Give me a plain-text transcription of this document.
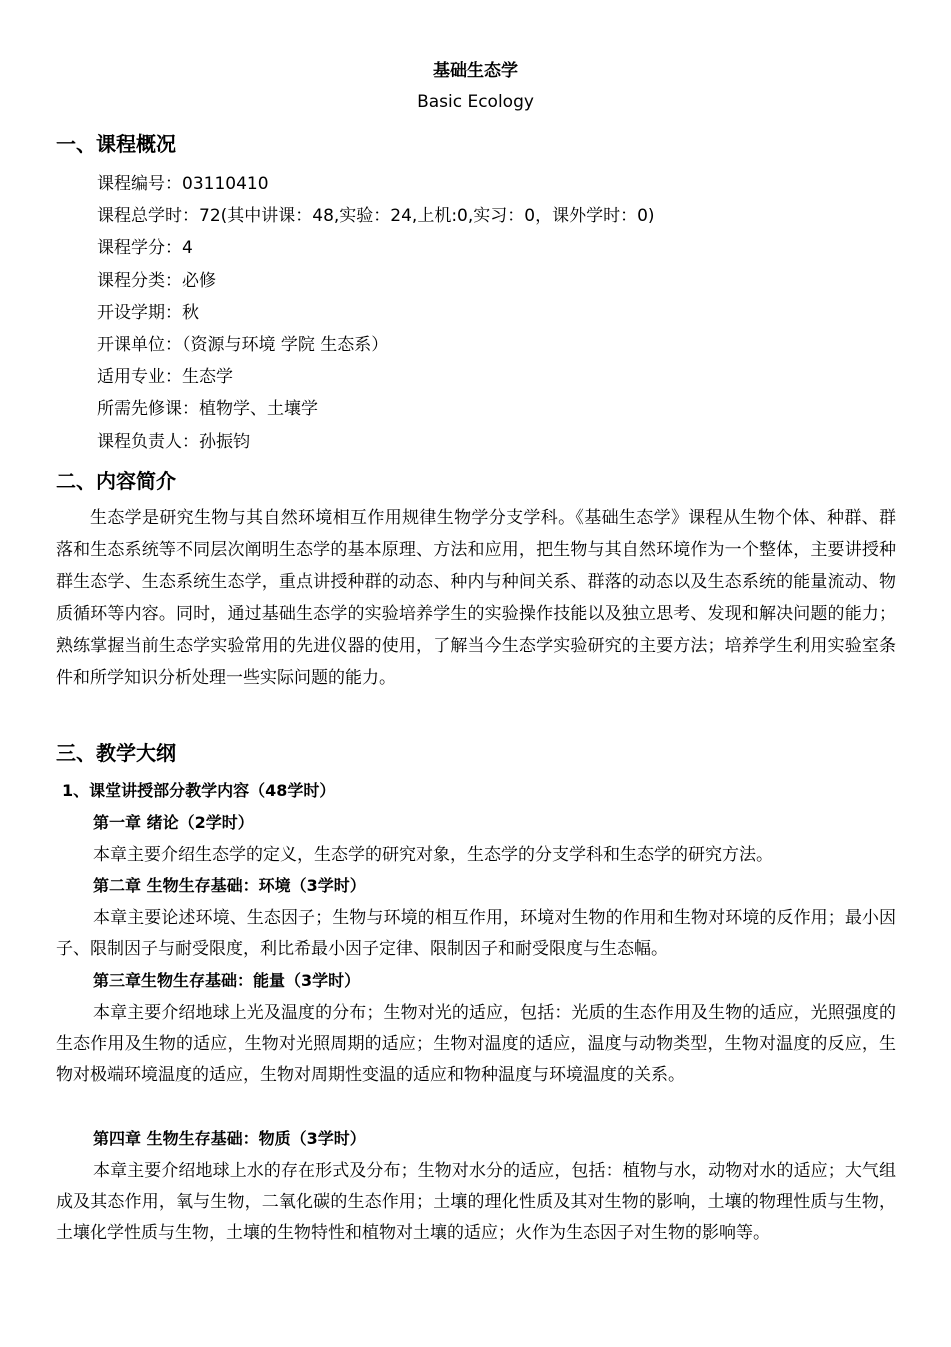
基础生态学
Basic Ecology
一、课程概况
课程编号：03110410
课程总学时：72(其中讲课：48,实验：24,上机:0,实习：0，课外学时：0)
课程学分：4
课程分类：必修
开设学期：秋
开课单位：（资源与环境 学院 生态系）
适用专业：生态学
所需先修课：植物学、土壤学
课程负责人：孙振钧
二、内容简介

生态学是研究生物与其自然环境相互作用规律生物学分支学科。《基础生态学》课程从生物个体、种群、群落和生态系统等不同层次阐明生态学的基本原理、方法和应用，把生物与其自然环境作为一个整体，主要讲授种群生态学、生态系统生态学，重点讲授种群的动态、种内与种间关系、群落的动态以及生态系统的能量流动、物质循环等内容。同时，通过基础生态学的实验培养学生的实验操作技能以及独立思考、发现和解决问题的能力；熟练掌握当前生态学实验常用的先进仪器的使用，了解当今生态学实验研究的主要方法；培养学生利用实验室条件和所学知识分析处理一些实际问题的能力。

三、教学大纲
1、课堂讲授部分教学内容（48学时）
第一章 绪论（2学时）

本章主要介绍生态学的定义，生态学的研究对象，生态学的分支学科和生态学的研究方法。

第二章 生物生存基础：环境（3学时）

本章主要论述环境、生态因子；生物与环境的相互作用，环境对生物的作用和生物对环境的反作用；最小因子、限制因子与耐受限度，利比希最小因子定律、限制因子和耐受限度与生态幅。

第三章生物生存基础：能量（3学时）

本章主要介绍地球上光及温度的分布；生物对光的适应，包括：光质的生态作用及生物的适应，光照强度的生态作用及生物的适应，生物对光照周期的适应；生物对温度的适应，温度与动物类型，生物对温度的反应，生物对极端环境温度的适应，生物对周期性变温的适应和物种温度与环境温度的关系。

第四章 生物生存基础：物质（3学时）

本章主要介绍地球上水的存在形式及分布；生物对水分的适应，包括：植物与水，动物对水的适应；大气组成及其态作用，氧与生物，二氧化碳的生态作用；土壤的理化性质及其对生物的影响，土壤的物理性质与生物，土壤化学性质与生物，土壤的生物特性和植物对土壤的适应；火作为生态因子对生物的影响等。
